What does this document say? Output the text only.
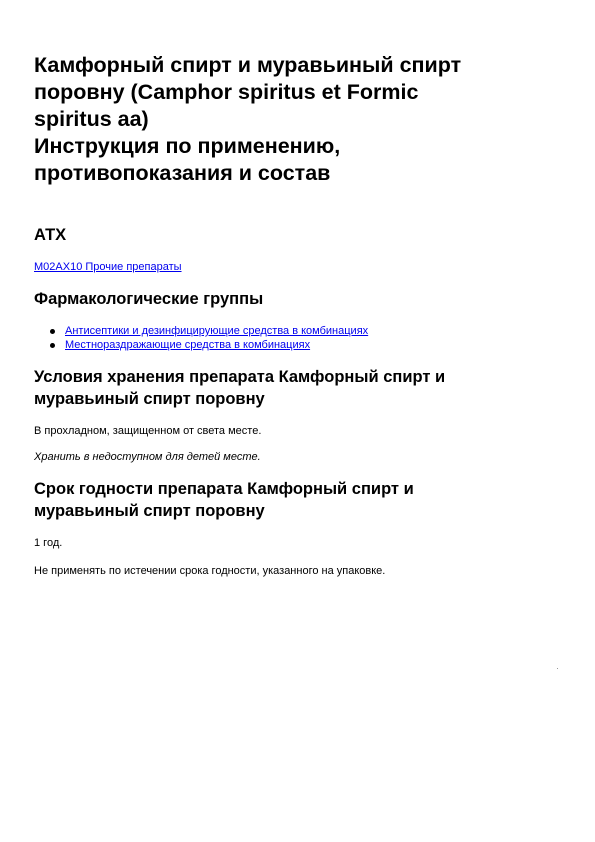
Камфорный спирт и муравьиный спирт
поровну (Camphor spiritus et Formic
spiritus aa)
Инструкция по применению,
противопоказания и состав
АТХ
M02AX10 Прочие препараты
Фармакологические группы
Антисептики и дезинфицирующие средства в комбинациях
Местнораздражающие средства в комбинациях
Условия хранения препарата Камфорный спирт и
муравьиный спирт поровну
В прохладном, защищенном от света месте.
Хранить в недоступном для детей месте.
Срок годности препарата Камфорный спирт и
муравьиный спирт поровну
1 год.
Не применять по истечении срока годности, указанного на упаковке.
